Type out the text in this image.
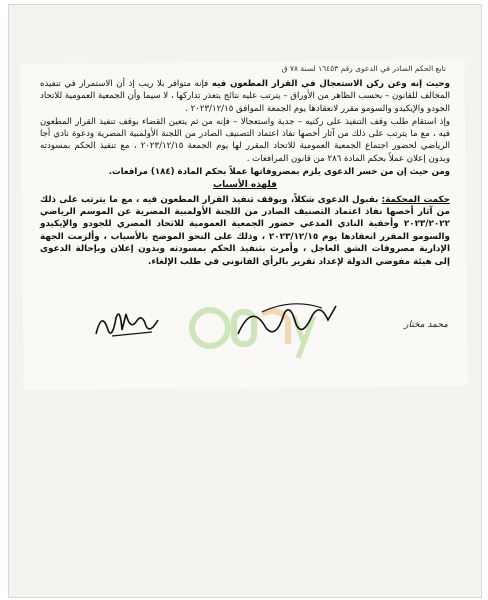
تابع الحكم الصادر في الدعوى رقم ١٦٤٥٣ لسنة ٧٨ ق

وحيث إنه وعن ركن الاستعجال في القرار المطعون فيه فإنه متوافر بلا ريب إذ أن الاستمرار في تنفيذه المخالف للقانون – بحسب الظاهر من الأوراق – يترتب عليه نتائج يتعذر تداركها ، لا سيما وأن الجمعية العمومية للاتحاد الجودو والإيكيدو والسومو مقرر لانعقادها يوم الجمعة الموافق ٢٠٢٣/١٢/١٥ .

وإذ استقام طلب وقف التنفيذ على ركنيه – جدية واستعجالا – فإنه من ثم يتعين القضاء بوقف تنفيذ القرار المطعون فيه ، مع ما يترتب على ذلك من آثار أخصها نفاذ اعتماد التصنيف الصادر من اللجنة الأولمبية المصرية ودعوة نادي أجا الرياضي لحضور اجتماع الجمعية العمومية للاتحاد المقرر لها يوم الجمعة ٢٠٢٣/١٢/١٥ ، مع تنفيذ الحكم بمسودته وبدون إعلان عملاً بحكم المادة ٢٨٦ من قانون المرافعات .

ومن حيث إن من خسر الدعوى يلزم بمصروفاتها عملاً بحكم المادة (١٨٤) مرافعات.

فلهذه الأسباب

حكمت المحكمة: بقبول الدعوى شكلاً، وبوقف تنفيذ القرار المطعون فيه ، مع ما يترتب على ذلك من آثار أخصها نفاذ اعتماد التصنيف الصادر من اللجنة الأولمبية المصرية عن الموسم الرياضي ٢٠٢٣/٢٠٢٢ وأحقية النادي المدعي حضور الجمعية العمومية للاتحاد المصري للجودو والإيكيدو والسومو المقرر انعقادها يوم ٢٠٢٣/١٢/١٥ ، وذلك على النحو الموضح بالأسباب ، وألزمت الجهة الإدارية مصروفات الشق العاجل ، وأمرت بتنفيذ الحكم بمسودته وبدون إعلان وبإحالة الدعوى إلى هيئة مفوضي الدولة لإعداد تقرير بالرأي القانوني في طلب الإلغاء.

محمد مختار
